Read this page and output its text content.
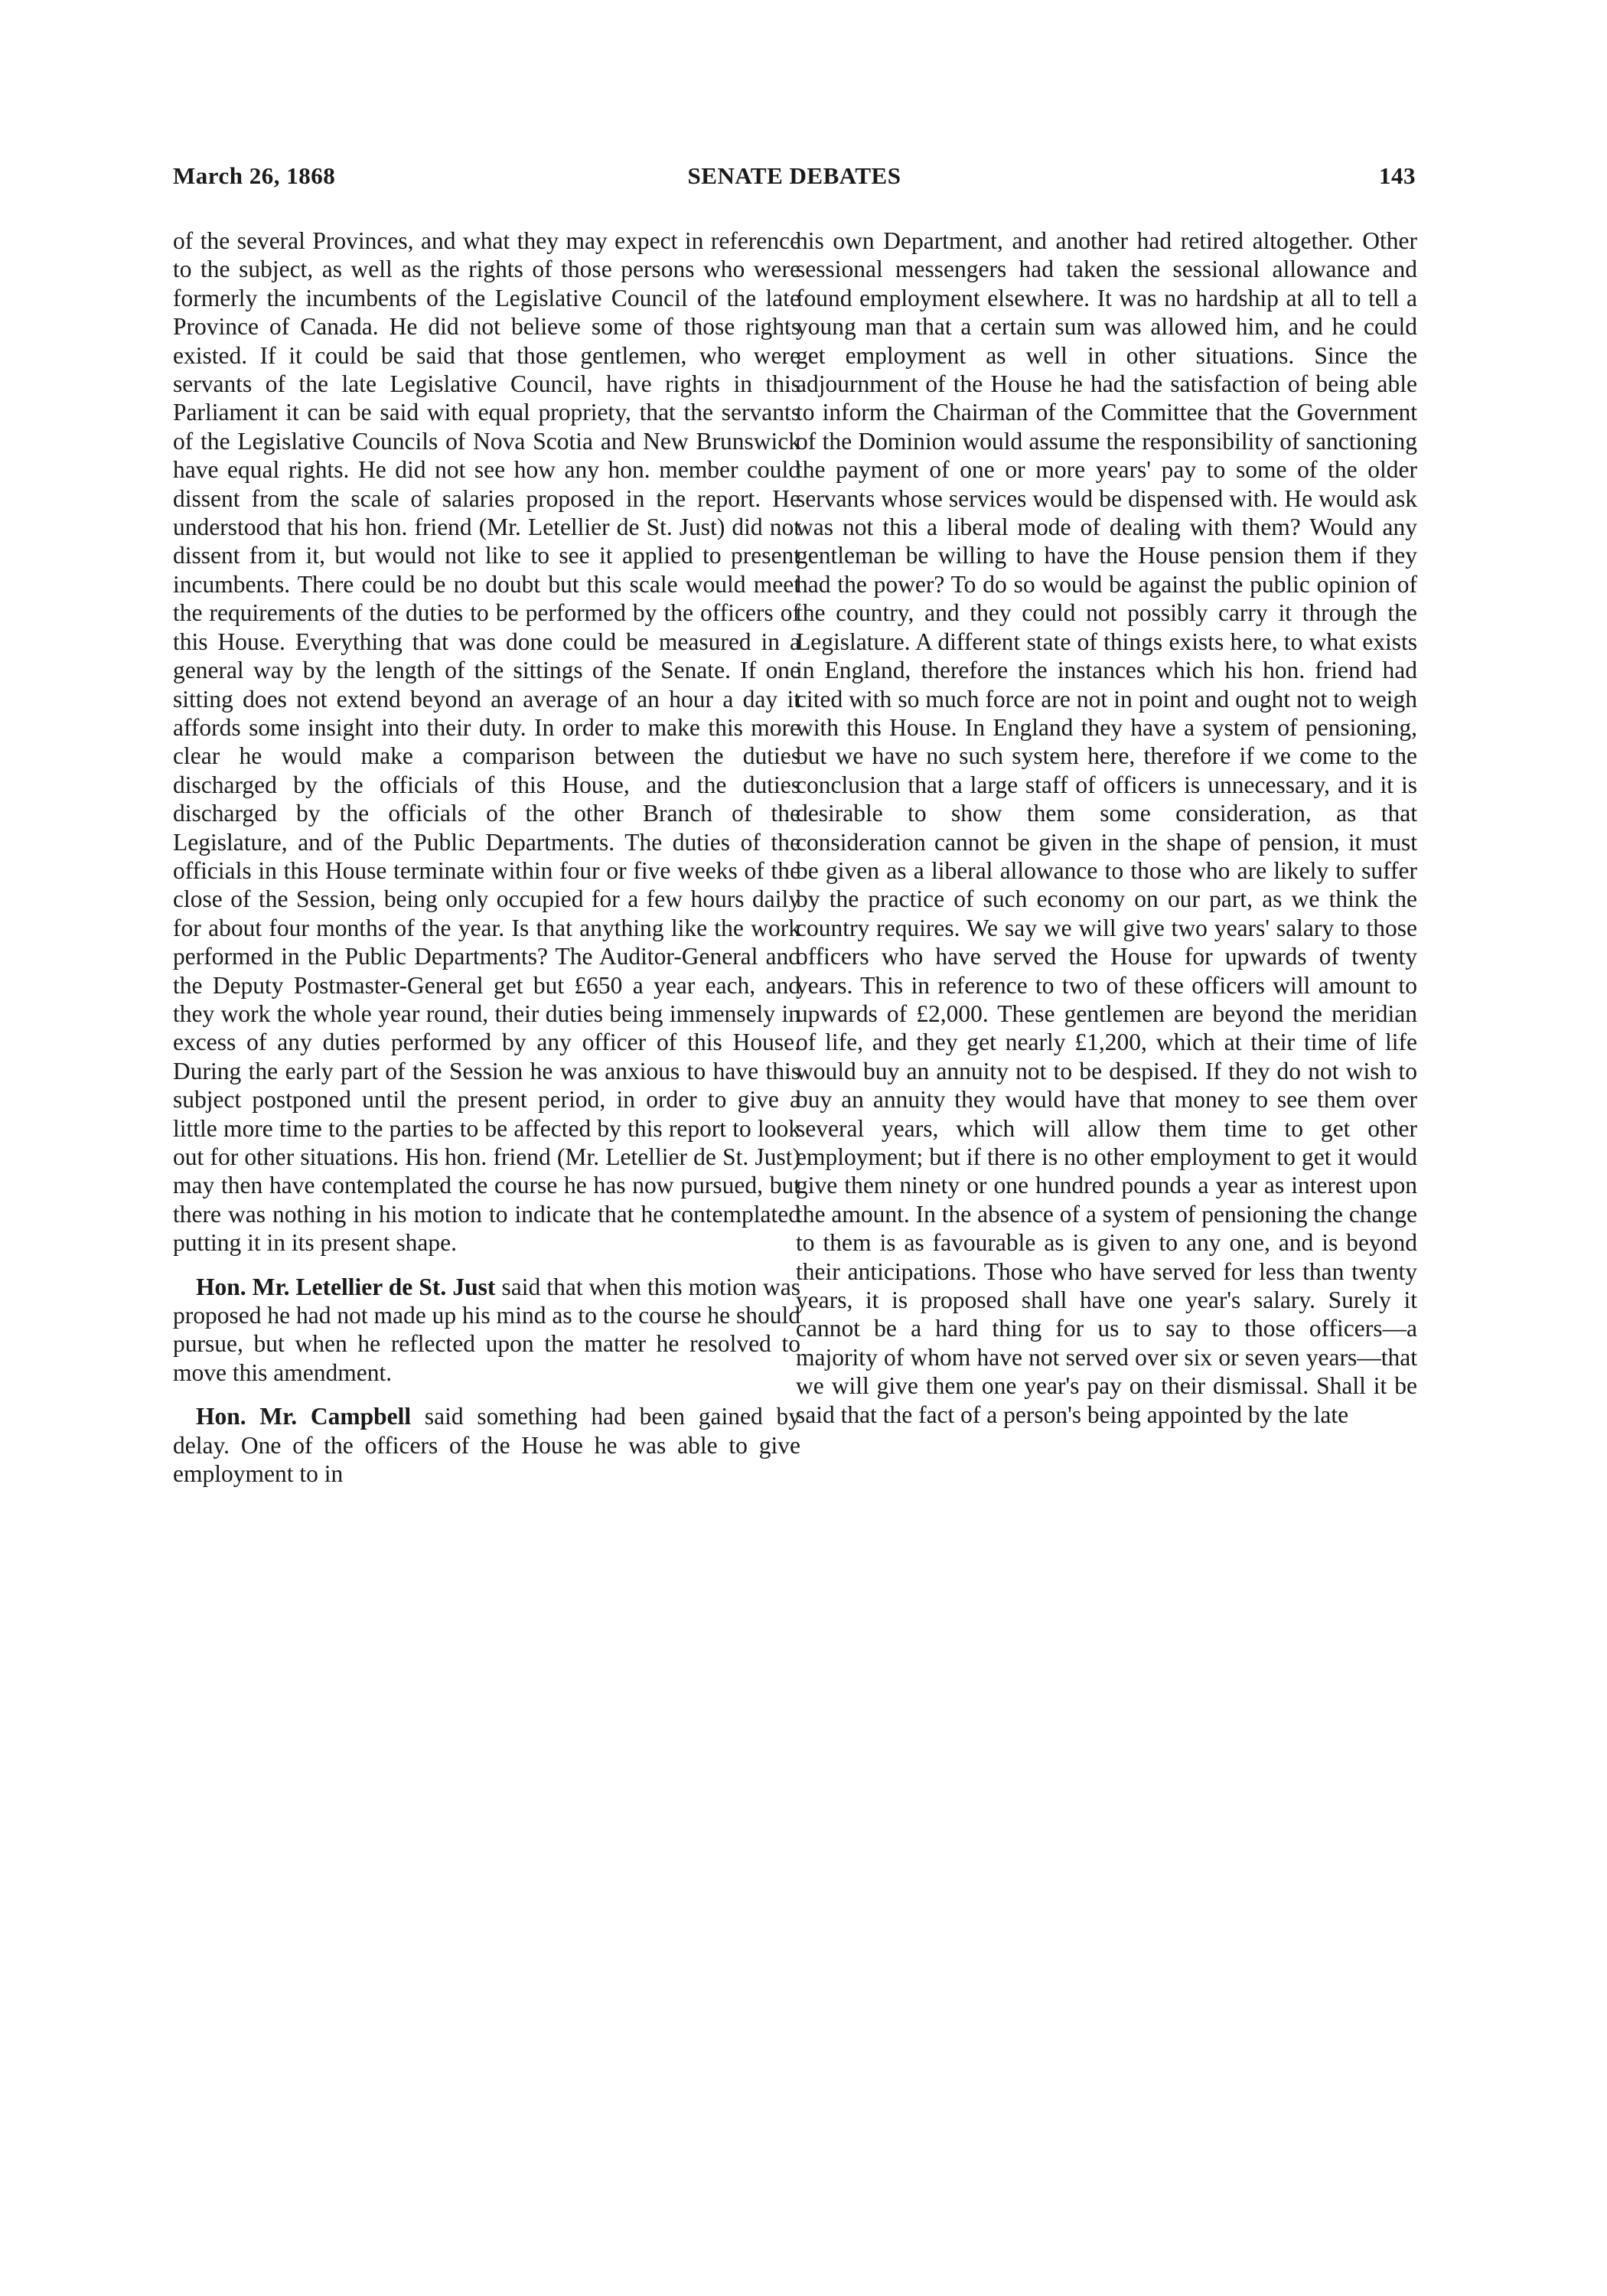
March 26, 1868	SENATE DEBATES	143

of the several Provinces, and what they may expect in reference to the subject, as well as the rights of those persons who were formerly the incumbents of the Legislative Council of the late Province of Canada. He did not believe some of those rights existed. If it could be said that those gentlemen, who were servants of the late Legislative Council, have rights in this Parliament it can be said with equal propriety, that the servants of the Legislative Councils of Nova Scotia and New Brunswick have equal rights. He did not see how any hon. member could dissent from the scale of salaries proposed in the report. He understood that his hon. friend (Mr. Letellier de St. Just) did not dissent from it, but would not like to see it applied to present incumbents. There could be no doubt but this scale would meet the requirements of the duties to be performed by the officers of this House. Everything that was done could be measured in a general way by the length of the sittings of the Senate. If one sitting does not extend beyond an average of an hour a day it affords some insight into their duty. In order to make this more clear he would make a comparison between the duties discharged by the officials of this House, and the duties discharged by the officials of the other Branch of the Legislature, and of the Public Departments. The duties of the officials in this House terminate within four or five weeks of the close of the Session, being only occupied for a few hours daily for about four months of the year. Is that anything like the work performed in the Public Departments? The Auditor-General and the Deputy Postmaster-General get but £650 a year each, and they work the whole year round, their duties being immensely in excess of any duties performed by any officer of this House. During the early part of the Session he was anxious to have this subject postponed until the present period, in order to give a little more time to the parties to be affected by this report to look out for other situations. His hon. friend (Mr. Letellier de St. Just) may then have contemplated the course he has now pursued, but there was nothing in his motion to indicate that he contemplated putting it in its present shape.

Hon. Mr. Letellier de St. Just said that when this motion was proposed he had not made up his mind as to the course he should pursue, but when he reflected upon the matter he resolved to move this amendment.

Hon. Mr. Campbell said something had been gained by delay. One of the officers of the House he was able to give employment to in

his own Department, and another had retired altogether. Other sessional messengers had taken the sessional allowance and found employment elsewhere. It was no hardship at all to tell a young man that a certain sum was allowed him, and he could get employment as well in other situations. Since the adjournment of the House he had the satisfaction of being able to inform the Chairman of the Committee that the Government of the Dominion would assume the responsibility of sanctioning the payment of one or more years' pay to some of the older servants whose services would be dispensed with. He would ask was not this a liberal mode of dealing with them? Would any gentleman be willing to have the House pension them if they had the power? To do so would be against the public opinion of the country, and they could not possibly carry it through the Legislature. A different state of things exists here, to what exists in England, therefore the instances which his hon. friend had cited with so much force are not in point and ought not to weigh with this House. In England they have a system of pensioning, but we have no such system here, therefore if we come to the conclusion that a large staff of officers is unnecessary, and it is desirable to show them some consideration, as that consideration cannot be given in the shape of pension, it must be given as a liberal allowance to those who are likely to suffer by the practice of such economy on our part, as we think the country requires. We say we will give two years' salary to those officers who have served the House for upwards of twenty years. This in reference to two of these officers will amount to upwards of £2,000. These gentlemen are beyond the meridian of life, and they get nearly £1,200, which at their time of life would buy an annuity not to be despised. If they do not wish to buy an annuity they would have that money to see them over several years, which will allow them time to get other employment; but if there is no other employment to get it would give them ninety or one hundred pounds a year as interest upon the amount. In the absence of a system of pensioning the change to them is as favourable as is given to any one, and is beyond their anticipations. Those who have served for less than twenty years, it is proposed shall have one year's salary. Surely it cannot be a hard thing for us to say to those officers—a majority of whom have not served over six or seven years—that we will give them one year's pay on their dismissal. Shall it be said that the fact of a person's being appointed by the late
